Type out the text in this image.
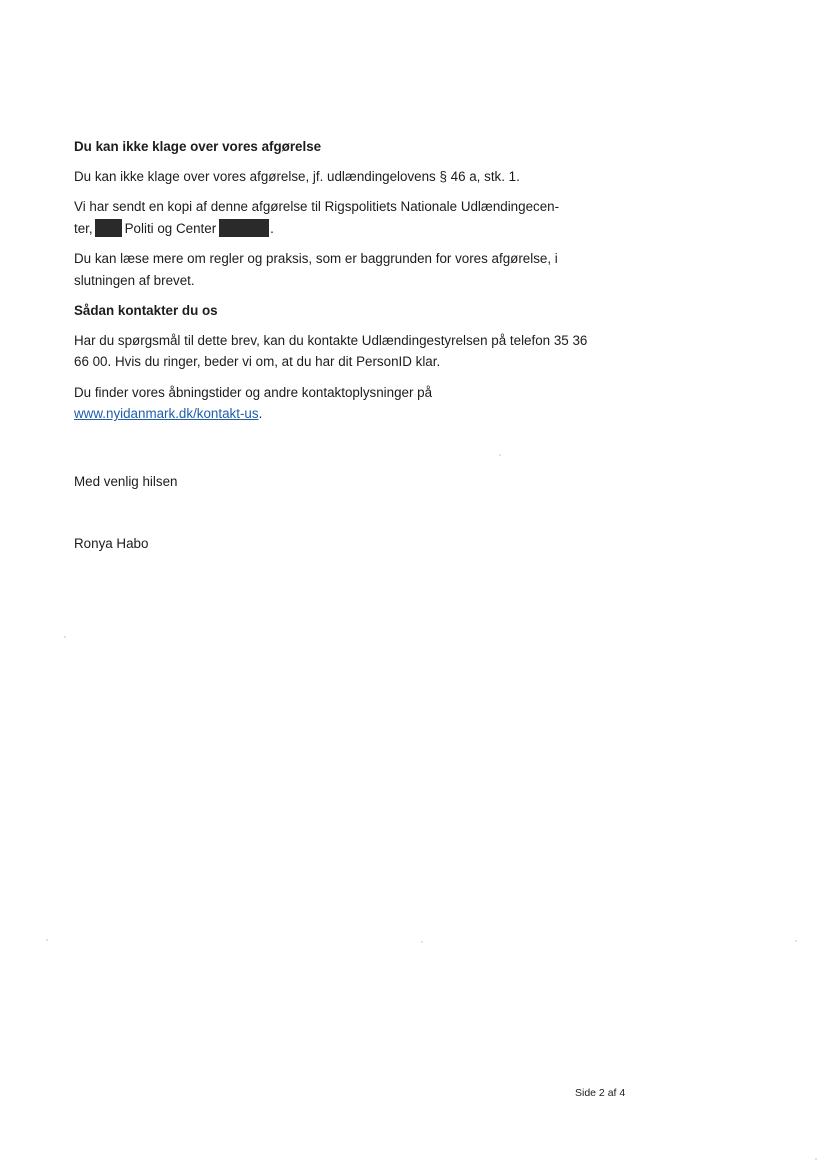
Du kan ikke klage over vores afgørelse

Du kan ikke klage over vores afgørelse, jf. udlændingelovens § 46 a, stk. 1.

Vi har sendt en kopi af denne afgørelse til Rigspolitiets Nationale Udlændingecen-
ter, Politi og Center	.

Du kan læse mere om regler og praksis, som er baggrunden for vores afgørelse, i slutningen af brevet.

Sådan kontakter du os

Har du spørgsmål til dette brev, kan du kontakte Udlændingestyrelsen på telefon 35 36 66 00. Hvis du ringer, beder vi om, at du har dit PersonID klar.

Du finder vores åbningstider og andre kontaktoplysninger på
www.nyidanmark.dk/kontakt-us.

Med venlig hilsen
Ronya Habo
Side 2 af 4
